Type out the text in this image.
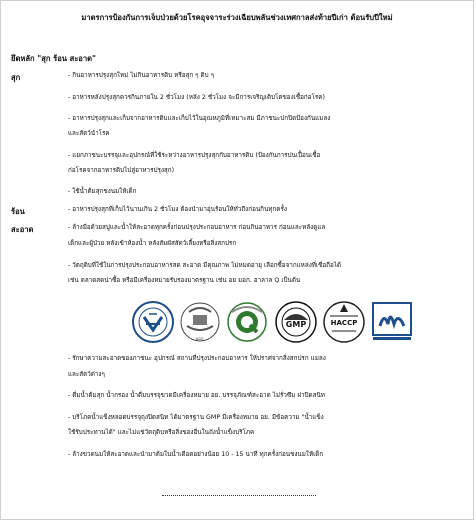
มาตรการป้องกันการเจ็บป่วยด้วยโรคอุจจาระร่วงเฉียบพลันช่วงเทศกาลส่งท้ายปีเก่า ต้อนรับปีใหม่
ยึดหลัก "สุก ร้อน สะอาด"
สุก	- กินอาหารปรุงสุกใหม่ ไม่กินอาหารดิบ หรือสุก ๆ ดิบ ๆ
- อาหารหลังปรุงสุกควรกินภายใน 2 ชั่วโมง (หลัง 2 ชั่วโมง จะมีการเจริญเติบโตของเชื้อก่อโรค)
- อาหารปรุงสุกและเก็บจากอาหารดิบและเก็บไว้ในอุณหภูมิที่เหมาะสม มีภาชนะปกปิดป้องกันแมลง
และสัตว์นำโรค
- แยกภาชนะบรรจุและอุปกรณ์ที่ใช้ระหว่างอาหารปรุงสุกกับอาหารดิบ (ป้องกันการปนเปื้อนเชื้อ
ก่อโรคจากอาหารดิบไปสู่อาหารปรุงสุก)
- ใช้น้ำต้มสุกชงนมให้เด็ก
ร้อน	- อาหารปรุงสุกที่เก็บไว้นานเกิน 2 ชั่วโมง ต้องนำมาอุ่นร้อนให้ทั่วถึงก่อนกินทุกครั้ง
สะอาด	- ล้างมือด้วยสบู่และน้ำให้สะอาดทุกครั้งก่อนปรุงประกอบอาหาร ก่อนกินอาหาร ก่อนและหลังดูแล
เด็กและผู้ป่วย หลังเข้าห้องน้ำ หลังสัมผัสสัตว์เลี้ยงหรือสิ่งสกปรก
- วัตถุดิบที่ใช้ในการปรุงประกอบอาหารสด สะอาด มีคุณภาพ ไม่หมดอายุ เลือกซื้อจากแหล่งที่เชื่อถือได้
เช่น ตลาดสดน่าซื้อ หรือมีเครื่องหมายรับรองมาตรฐาน เช่น อย มอก. ฮาลาล Q เป็นต้น
มอก.
GMP	HACCP
- รักษาความสะอาดของภาชนะ อุปกรณ์ สถานที่ปรุงประกอบอาหาร ให้ปราศจากสิ่งสกปรก แมลง
และสัตว์ต่างๆ
- ดื่มน้ำต้มสุก น้ำกรอง น้ำดื่มบรรจุขวดมีเครื่องหมาย อย. บรรจุภัณฑ์สะอาด ไม่รั่วซึม ฝาปิดสนิท
- บริโภคน้ำแข็งหลอดบรรจุถุงปิดสนิท ได้มาตรฐาน GMP มีเครื่องหมาย อย. มีข้อความ "น้ำแข็ง
ใช้รับประทานได้" และไม่แช่วัตถุดิบหรือสิ่งของอื่นในถังน้ำแข็งบริโภค
- ล้างขวดนมให้สะอาดและนำมาต้มในน้ำเดือดอย่างน้อย 10 - 15 นาที ทุกครั้งก่อนชงนมให้เด็ก
